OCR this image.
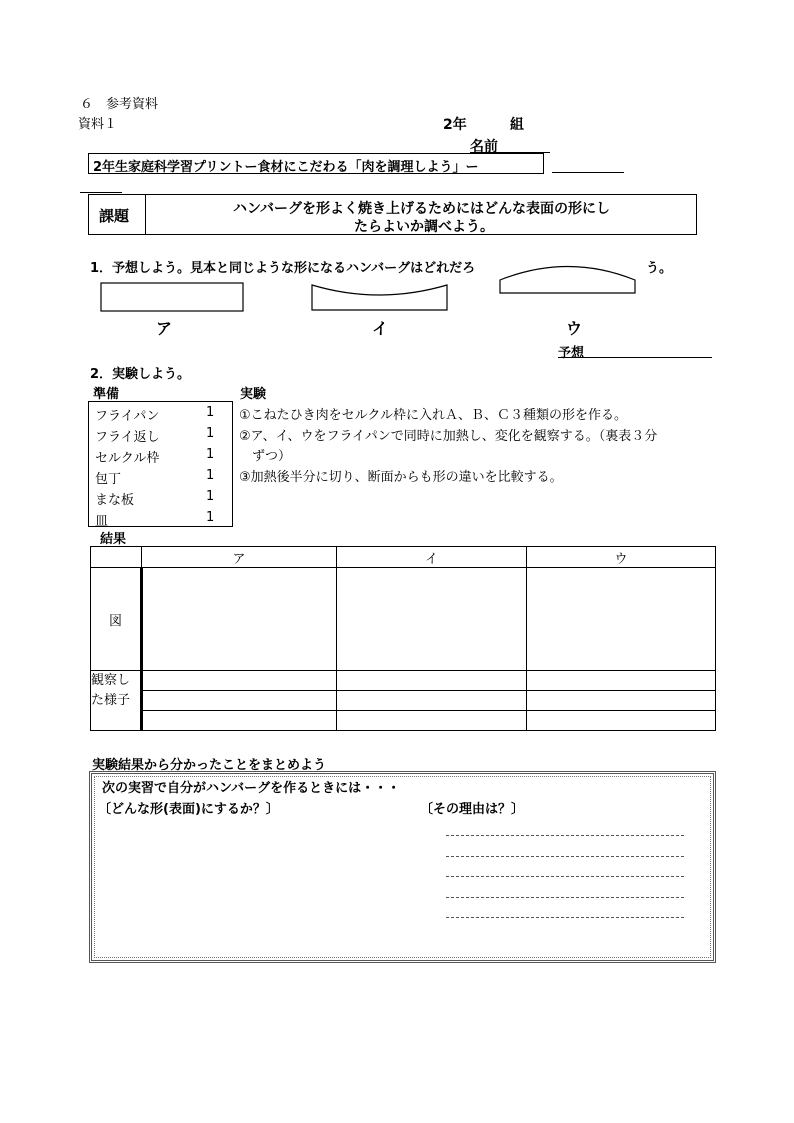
６　参考資料
資料１	2年	組
名前
2年生家庭科学習プリントー食材にこだわる「肉を調理しよう」ー
課題	ハンバーグを形よく焼き上げるためにはどんな表面の形にし
たらよいか調べよう。
1．予想しよう。見本と同じような形になるハンバーグはどれだろ	う。
ア	イ	ウ
予想
2．実験しよう。
準備	実験
フライパン	1
フライ返し	1
セルクル枠	1
包丁	1
まな板	1
皿	1
①こねたひき肉をセルクル枠に入れＡ、Ｂ、Ｃ３種類の形を作る。
②ア、イ、ウをフライパンで同時に加熱し、変化を観察する。（裏表３分
　ずつ）
③加熱後半分に切り、断面からも形の違いを比較する。
結果
	ア	イ	ウ
図			

観察し
た様子			

実験結果から分かったことをまとめよう
次の実習で自分がハンバーグを作るときには・・・
〔どんな形(表面)にするか？〕	〔その理由は？〕
